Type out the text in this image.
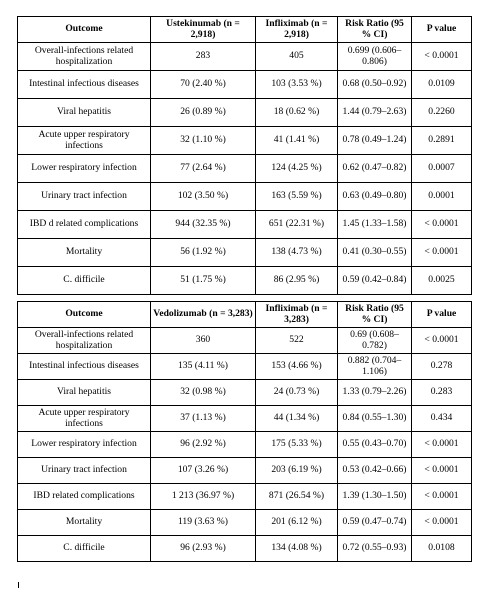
Outcome	Ustekinumab (n = 2,918)	Infliximab (n = 2,918)	Risk Ratio (95 % CI)	P value
Overall-infections related hospitalization	283	405	0.699 (0.606–0.806)	< 0.0001
Intestinal infectious diseases	70 (2.40 %)	103 (3.53 %)	0.68 (0.50–0.92)	0.0109
Viral hepatitis	26 (0.89 %)	18 (0.62 %)	1.44 (0.79–2.63)	0.2260
Acute upper respiratory infections	32 (1.10 %)	41 (1.41 %)	0.78 (0.49–1.24)	0.2891
Lower respiratory infection	77 (2.64 %)	124 (4.25 %)	0.62 (0.47–0.82)	0.0007
Urinary tract infection	102 (3.50 %)	163 (5.59 %)	0.63 (0.49–0.80)	0.0001
IBD d related complications	944 (32.35 %)	651 (22.31 %)	1.45 (1.33–1.58)	< 0.0001
Mortality	56 (1.92 %)	138 (4.73 %)	0.41 (0.30–0.55)	< 0.0001
C. difficile	51 (1.75 %)	86 (2.95 %)	0.59 (0.42–0.84)	0.0025
Outcome	Vedolizumab (n = 3,283)	Infliximab (n = 3,283)	Risk Ratio (95 % CI)	P value
Overall-infections related hospitalization	360	522	0.69 (0.608–0.782)	< 0.0001
Intestinal infectious diseases	135 (4.11 %)	153 (4.66 %)	0.882 (0.704–1.106)	0.278
Viral hepatitis	32 (0.98 %)	24 (0.73 %)	1.33 (0.79–2.26)	0.283
Acute upper respiratory infections	37 (1.13 %)	44 (1.34 %)	0.84 (0.55–1.30)	0.434
Lower respiratory infection	96 (2.92 %)	175 (5.33 %)	0.55 (0.43–0.70)	< 0.0001
Urinary tract infection	107 (3.26 %)	203 (6.19 %)	0.53 (0.42–0.66)	< 0.0001
IBD related complications	1 213 (36.97 %)	871 (26.54 %)	1.39 (1.30–1.50)	< 0.0001
Mortality	119 (3.63 %)	201 (6.12 %)	0.59 (0.47–0.74)	< 0.0001
C. difficile	96 (2.93 %)	134 (4.08 %)	0.72 (0.55–0.93)	0.0108
